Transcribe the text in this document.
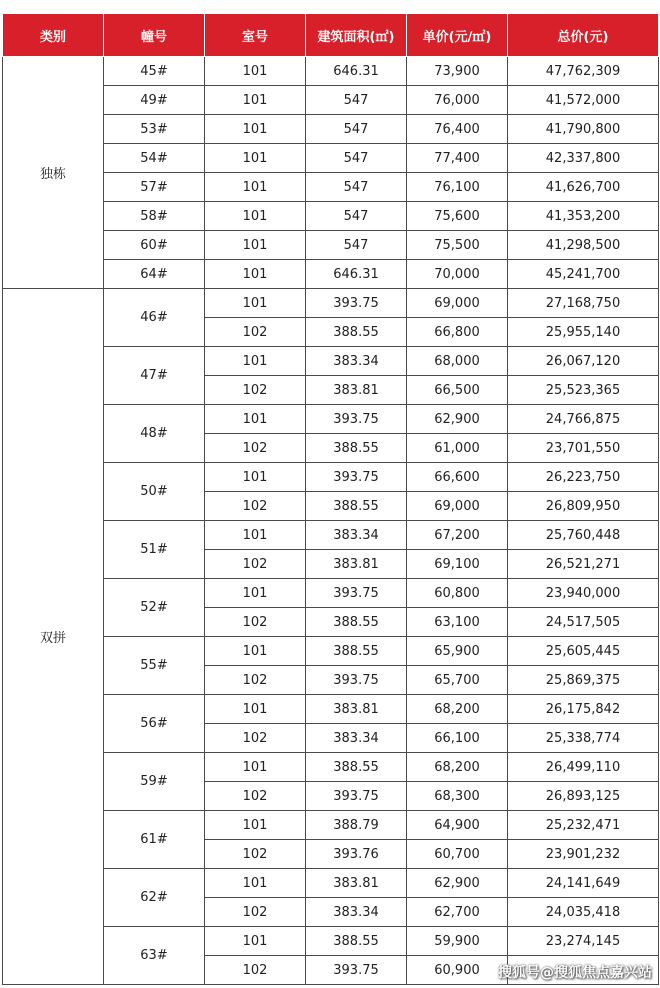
类别	幢号	室号	建筑面积(㎡)	单价(元/㎡)	总价(元)
独栋	45#	101	646.31	73,900	47,762,309
	49#	101	547	76,000	41,572,000
	53#	101	547	76,400	41,790,800
	54#	101	547	77,400	42,337,800
	57#	101	547	76,100	41,626,700
	58#	101	547	75,600	41,353,200
	60#	101	547	75,500	41,298,500
	64#	101	646.31	70,000	45,241,700
双拼	46#	101	393.75	69,000	27,168,750
		102	388.55	66,800	25,955,140
	47#	101	383.34	68,000	26,067,120
		102	383.81	66,500	25,523,365
	48#	101	393.75	62,900	24,766,875
		102	388.55	61,000	23,701,550
	50#	101	393.75	66,600	26,223,750
		102	388.55	69,000	26,809,950
	51#	101	383.34	67,200	25,760,448
		102	383.81	69,100	26,521,271
	52#	101	393.75	60,800	23,940,000
		102	388.55	63,100	24,517,505
	55#	101	388.55	65,900	25,605,445
		102	393.75	65,700	25,869,375
	56#	101	383.81	68,200	26,175,842
		102	383.34	66,100	25,338,774
	59#	101	388.55	68,200	26,499,110
		102	393.75	68,300	26,893,125
	61#	101	388.79	64,900	25,232,471
		102	393.76	60,700	23,901,232
	62#	101	383.81	62,900	24,141,649
		102	383.34	62,700	24,035,418
	63#	101	388.55	59,900	23,274,145
		102	393.75	60,900	搜狐号@搜狐焦点嘉兴站
